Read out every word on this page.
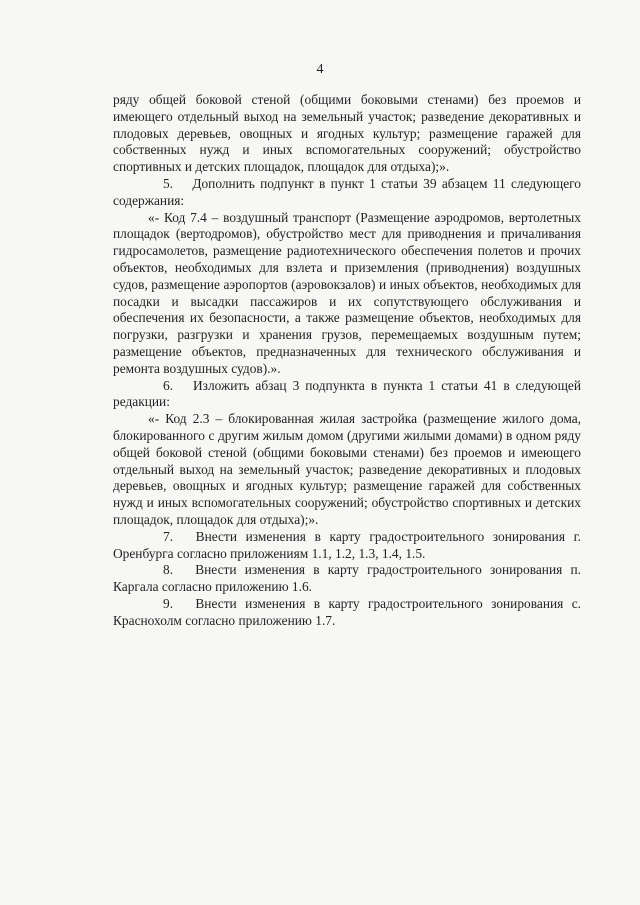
4

ряду общей боковой стеной (общими боковыми стенами) без проемов и имеющего отдельный выход на земельный участок; разведение декоративных и плодовых деревьев, овощных и ягодных культур; размещение гаражей для собственных нужд и иных вспомогательных сооружений; обустройство спортивных и детских площадок, площадок для отдыха);».

5. Дополнить подпункт в пункт 1 статьи 39 абзацем 11 следующего содержания:

«- Код 7.4 – воздушный транспорт (Размещение аэродромов, вертолетных площадок (вертодромов), обустройство мест для приводнения и причаливания гидросамолетов, размещение радиотехнического обеспечения полетов и прочих объектов, необходимых для взлета и приземления (приводнения) воздушных судов, размещение аэропортов (аэровокзалов) и иных объектов, необходимых для посадки и высадки пассажиров и их сопутствующего обслуживания и обеспечения их безопасности, а также размещение объектов, необходимых для погрузки, разгрузки и хранения грузов, перемещаемых воздушным путем; размещение объектов, предназначенных для технического обслуживания и ремонта воздушных судов).».

6. Изложить абзац 3 подпункта в пункта 1 статьи 41 в следующей редакции:

«- Код 2.3 – блокированная жилая застройка (размещение жилого дома, блокированного с другим жилым домом (другими жилыми домами) в одном ряду общей боковой стеной (общими боковыми стенами) без проемов и имеющего отдельный выход на земельный участок; разведение декоративных и плодовых деревьев, овощных и ягодных культур; размещение гаражей для собственных нужд и иных вспомогательных сооружений; обустройство спортивных и детских площадок, площадок для отдыха);».

7. Внести изменения в карту градостроительного зонирования г. Оренбурга согласно приложениям 1.1, 1.2, 1.3, 1.4, 1.5.

8. Внести изменения в карту градостроительного зонирования п. Каргала согласно приложению 1.6.

9. Внести изменения в карту градостроительного зонирования с. Краснохолм согласно приложению 1.7.
